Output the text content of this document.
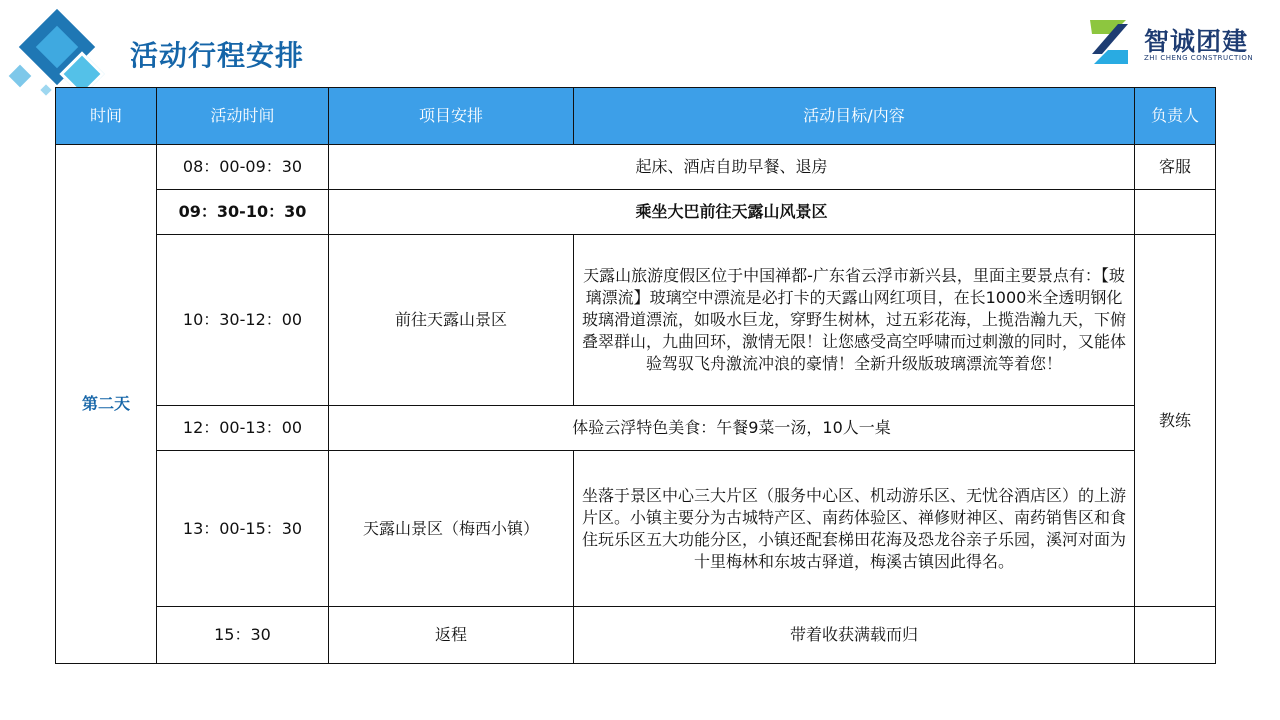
活动行程安排	智诚团建
ZHI CHENG CONSTRUCTION
时间	活动时间	项目安排	活动目标/内容	负责人
第二天	08：00-09：30	起床、酒店自助早餐、退房		客服
	09：30-10：30	乘坐大巴前往天露山风景区		
	10：30-12：00	前往天露山景区	天露山旅游度假区位于中国禅都-广东省云浮市新兴县，里面主要景点有：【玻璃漂流】玻璃空中漂流是必打卡的天露山网红项目，在长1000米全透明钢化玻璃滑道漂流，如吸水巨龙，穿野生树林，过五彩花海，上揽浩瀚九天，下俯叠翠群山，九曲回环，激情无限！让您感受高空呼啸而过刺激的同时，又能体验驾驭飞舟激流冲浪的豪情！全新升级版玻璃漂流等着您！	教练
	12：00-13：00	体验云浮特色美食：午餐9菜一汤，10人一桌		
	13：00-15：30	天露山景区（梅西小镇）	坐落于景区中心三大片区（服务中心区、机动游乐区、无忧谷酒店区）的上游片区。小镇主要分为古城特产区、南药体验区、禅修财神区、南药销售区和食住玩乐区五大功能分区，小镇还配套梯田花海及恐龙谷亲子乐园，溪河对面为十里梅林和东坡古驿道，梅溪古镇因此得名。	
	15：30	返程	带着收获满载而归	
